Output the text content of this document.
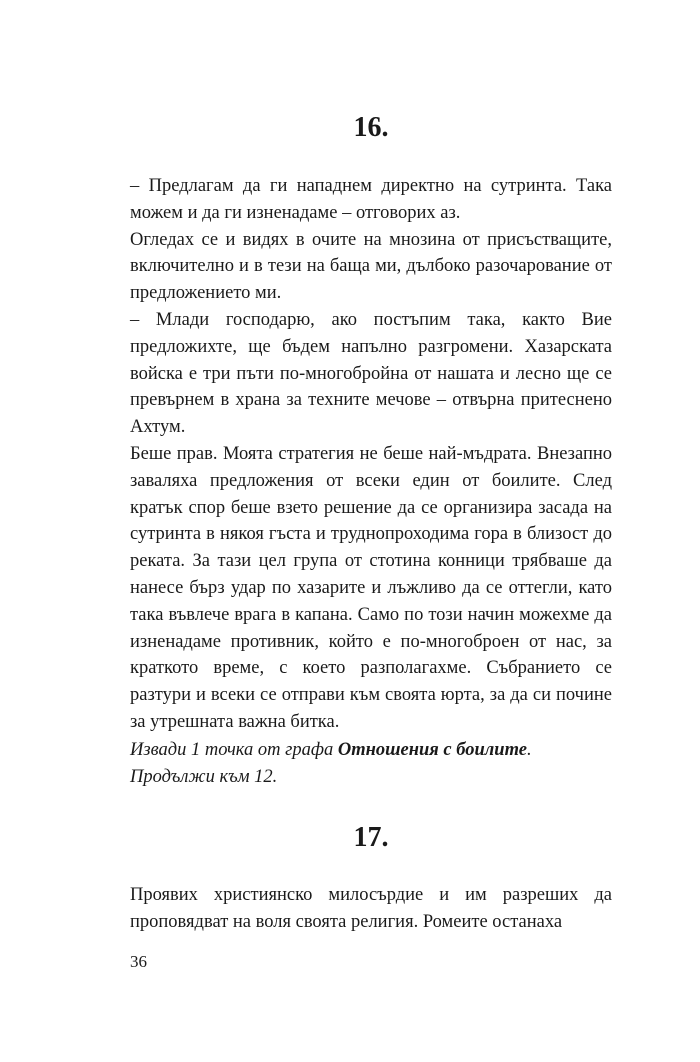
16.

– Предлагам да ги нападнем директно на сутринта. Така можем и да ги изненадаме – отговорих аз.

Огледах се и видях в очите на мнозина от присъстващите, включително и в тези на баща ми, дълбоко разочарование от предложението ми.

– Млади господарю, ако постъпим така, както Вие предложихте, ще бъдем напълно разгромени. Хазарската войска е три пъти по-многобройна от нашата и лесно ще се превърнем в храна за техните мечове – отвърна притеснено Ахтум.

Беше прав. Моята стратегия не беше най-мъдрата. Внезапно заваляха предложения от всеки един от боилите. След кратък спор беше взето решение да се организира засада на сутринта в някоя гъста и труднопроходима гора в близост до реката. За тази цел група от стотина конници трябваше да нанесе бърз удар по хазарите и лъжливо да се оттегли, като така въвлече врага в капана. Само по този начин можехме да изненадаме противник, който е по-многоброен от нас, за краткото време, с което разполагахме. Събранието се разтури и всеки се отправи към своята юрта, за да си почине за утрешната важна битка.

Извади 1 точка от графа Отношения с боилите.

Продължи към 12.

17.

Проявих християнско милосърдие и им разреших да проповядват на воля своята религия. Ромеите останаха

36
